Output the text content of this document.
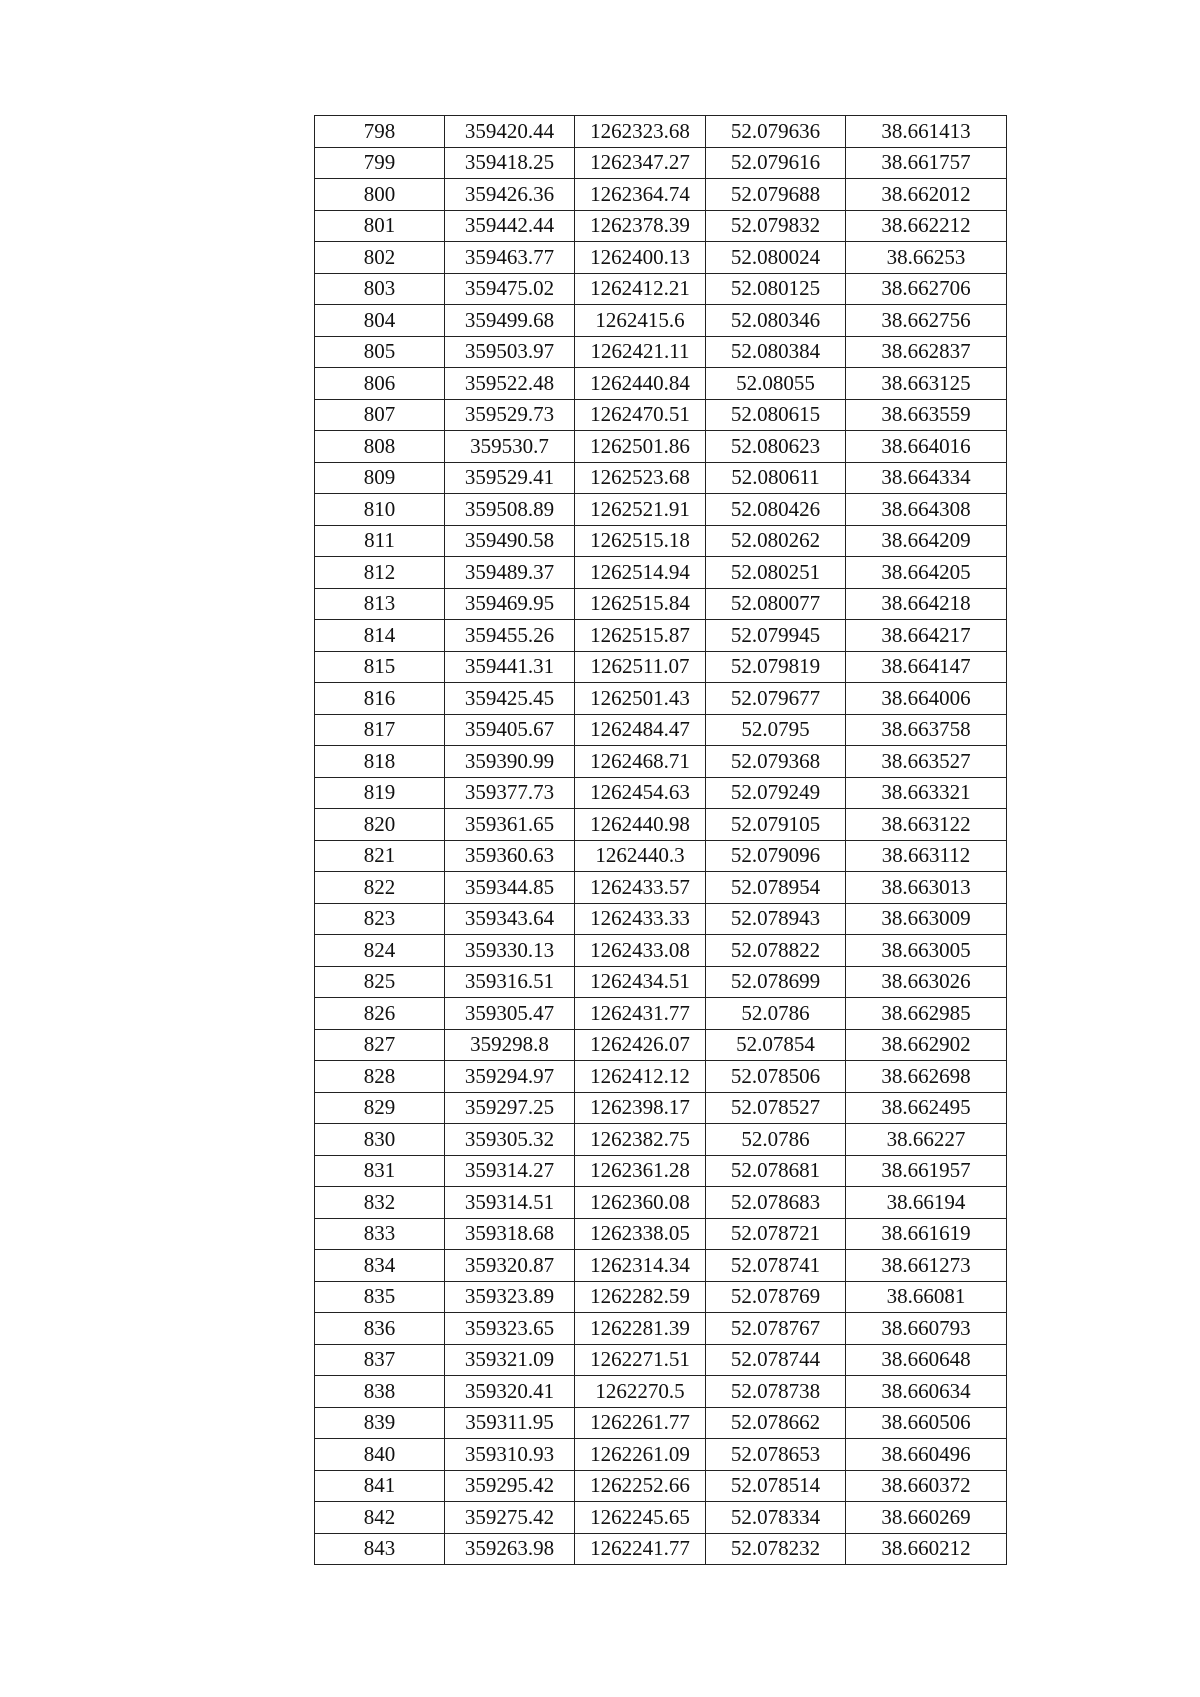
798	359420.44	1262323.68	52.079636	38.661413
799	359418.25	1262347.27	52.079616	38.661757
800	359426.36	1262364.74	52.079688	38.662012
801	359442.44	1262378.39	52.079832	38.662212
802	359463.77	1262400.13	52.080024	38.66253
803	359475.02	1262412.21	52.080125	38.662706
804	359499.68	1262415.6	52.080346	38.662756
805	359503.97	1262421.11	52.080384	38.662837
806	359522.48	1262440.84	52.08055	38.663125
807	359529.73	1262470.51	52.080615	38.663559
808	359530.7	1262501.86	52.080623	38.664016
809	359529.41	1262523.68	52.080611	38.664334
810	359508.89	1262521.91	52.080426	38.664308
811	359490.58	1262515.18	52.080262	38.664209
812	359489.37	1262514.94	52.080251	38.664205
813	359469.95	1262515.84	52.080077	38.664218
814	359455.26	1262515.87	52.079945	38.664217
815	359441.31	1262511.07	52.079819	38.664147
816	359425.45	1262501.43	52.079677	38.664006
817	359405.67	1262484.47	52.0795	38.663758
818	359390.99	1262468.71	52.079368	38.663527
819	359377.73	1262454.63	52.079249	38.663321
820	359361.65	1262440.98	52.079105	38.663122
821	359360.63	1262440.3	52.079096	38.663112
822	359344.85	1262433.57	52.078954	38.663013
823	359343.64	1262433.33	52.078943	38.663009
824	359330.13	1262433.08	52.078822	38.663005
825	359316.51	1262434.51	52.078699	38.663026
826	359305.47	1262431.77	52.0786	38.662985
827	359298.8	1262426.07	52.07854	38.662902
828	359294.97	1262412.12	52.078506	38.662698
829	359297.25	1262398.17	52.078527	38.662495
830	359305.32	1262382.75	52.0786	38.66227
831	359314.27	1262361.28	52.078681	38.661957
832	359314.51	1262360.08	52.078683	38.66194
833	359318.68	1262338.05	52.078721	38.661619
834	359320.87	1262314.34	52.078741	38.661273
835	359323.89	1262282.59	52.078769	38.66081
836	359323.65	1262281.39	52.078767	38.660793
837	359321.09	1262271.51	52.078744	38.660648
838	359320.41	1262270.5	52.078738	38.660634
839	359311.95	1262261.77	52.078662	38.660506
840	359310.93	1262261.09	52.078653	38.660496
841	359295.42	1262252.66	52.078514	38.660372
842	359275.42	1262245.65	52.078334	38.660269
843	359263.98	1262241.77	52.078232	38.660212
